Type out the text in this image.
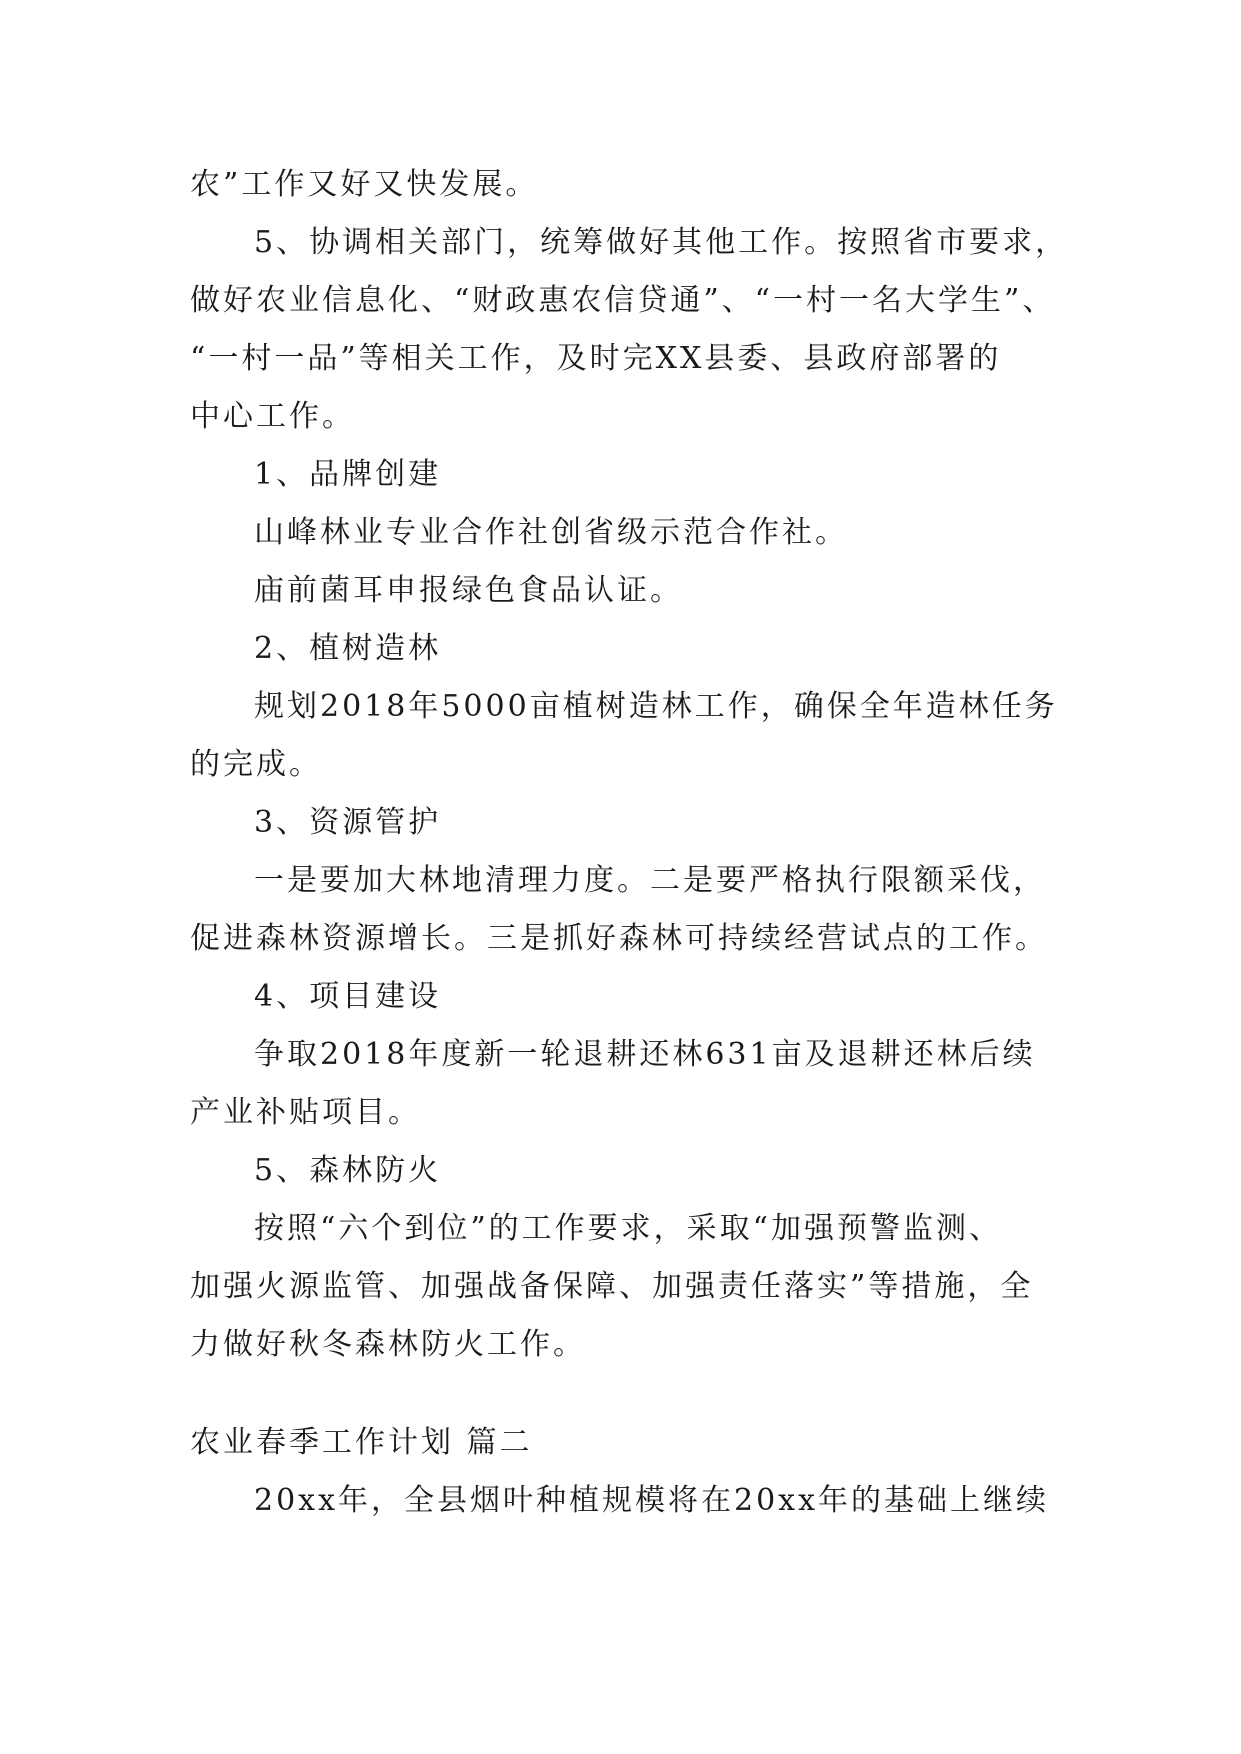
农”工作又好又快发展。
5、协调相关部门，统筹做好其他工作。按照省市要求，
做好农业信息化、“财政惠农信贷通”、“一村一名大学生”、
“一村一品”等相关工作，及时完XX县委、县政府部署的
中心工作。
1、品牌创建
山峰林业专业合作社创省级示范合作社。
庙前菌耳申报绿色食品认证。
2、植树造林
规划2018年5000亩植树造林工作，确保全年造林任务
的完成。
3、资源管护
一是要加大林地清理力度。二是要严格执行限额采伐，
促进森林资源增长。三是抓好森林可持续经营试点的工作。
4、项目建设
争取2018年度新一轮退耕还林631亩及退耕还林后续
产业补贴项目。
5、森林防火
按照“六个到位”的工作要求，采取“加强预警监测、
加强火源监管、加强战备保障、加强责任落实”等措施，全
力做好秋冬森林防火工作。
农业春季工作计划 篇二
20xx年，全县烟叶种植规模将在20xx年的基础上继续
